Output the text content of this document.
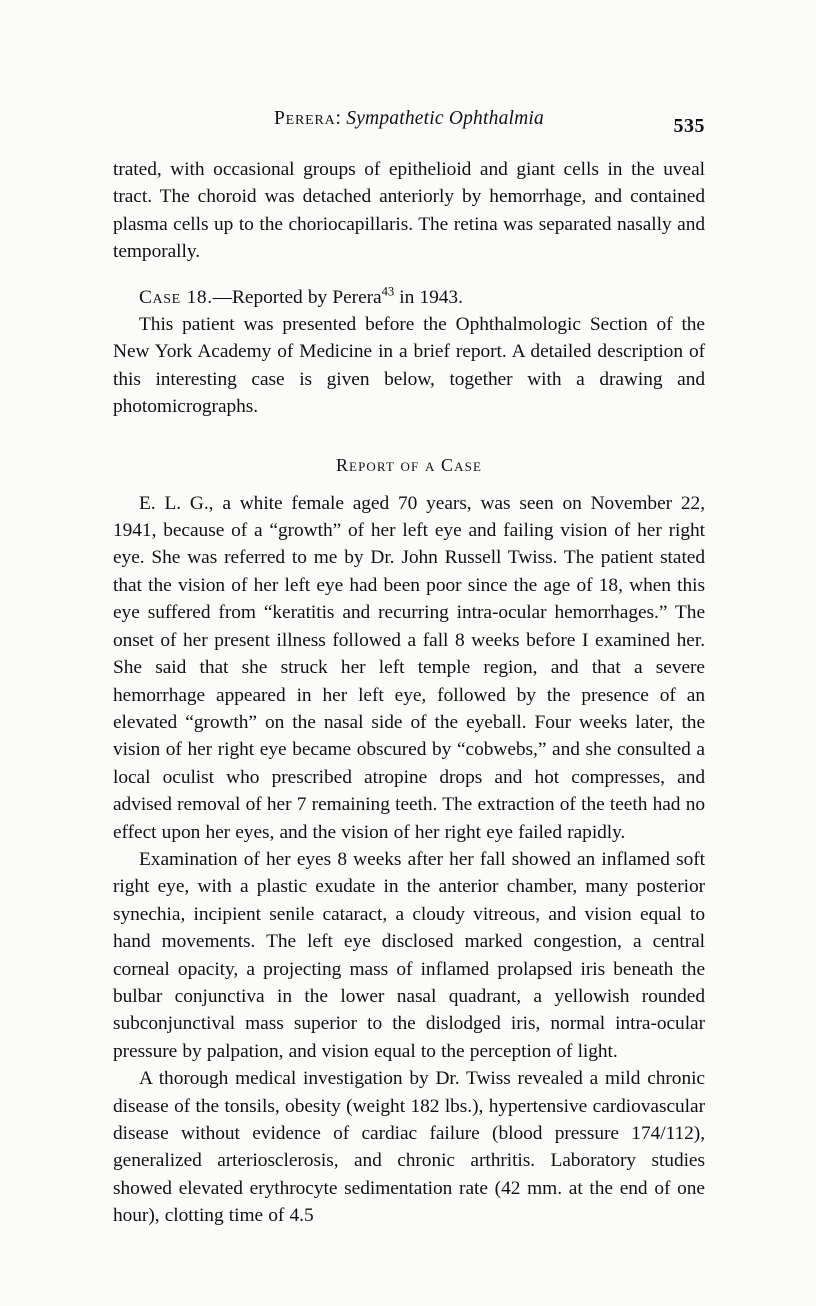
Perera: Sympathetic Ophthalmia	535

trated, with occasional groups of epithelioid and giant cells in the uveal tract. The choroid was detached anteriorly by hemorrhage, and contained plasma cells up to the choriocapillaris. The retina was separated nasally and temporally.

Case 18.—Reported by Perera$^{43}$ in 1943.

This patient was presented before the Ophthalmologic Section of the New York Academy of Medicine in a brief report. A detailed description of this interesting case is given below, together with a drawing and photomicrographs.

Report of a Case

E. L. G., a white female aged 70 years, was seen on November 22, 1941, because of a “growth” of her left eye and failing vision of her right eye. She was referred to me by Dr. John Russell Twiss. The patient stated that the vision of her left eye had been poor since the age of 18, when this eye suffered from “keratitis and recurring intra-ocular hemorrhages.” The onset of her present illness followed a fall 8 weeks before I examined her. She said that she struck her left temple region, and that a severe hemorrhage appeared in her left eye, followed by the presence of an elevated “growth” on the nasal side of the eyeball. Four weeks later, the vision of her right eye became obscured by “cobwebs,” and she consulted a local oculist who prescribed atropine drops and hot compresses, and advised removal of her 7 remaining teeth. The extraction of the teeth had no effect upon her eyes, and the vision of her right eye failed rapidly.

Examination of her eyes 8 weeks after her fall showed an inflamed soft right eye, with a plastic exudate in the anterior chamber, many posterior synechia, incipient senile cataract, a cloudy vitreous, and vision equal to hand movements. The left eye disclosed marked congestion, a central corneal opacity, a projecting mass of inflamed prolapsed iris beneath the bulbar conjunctiva in the lower nasal quadrant, a yellowish rounded subconjunctival mass superior to the dislodged iris, normal intra-ocular pressure by palpation, and vision equal to the perception of light.

A thorough medical investigation by Dr. Twiss revealed a mild chronic disease of the tonsils, obesity (weight 182 lbs.), hypertensive cardiovascular disease without evidence of cardiac failure (blood pressure 174/112), generalized arteriosclerosis, and chronic arthritis. Laboratory studies showed elevated erythrocyte sedimentation rate (42 mm. at the end of one hour), clotting time of 4.5
